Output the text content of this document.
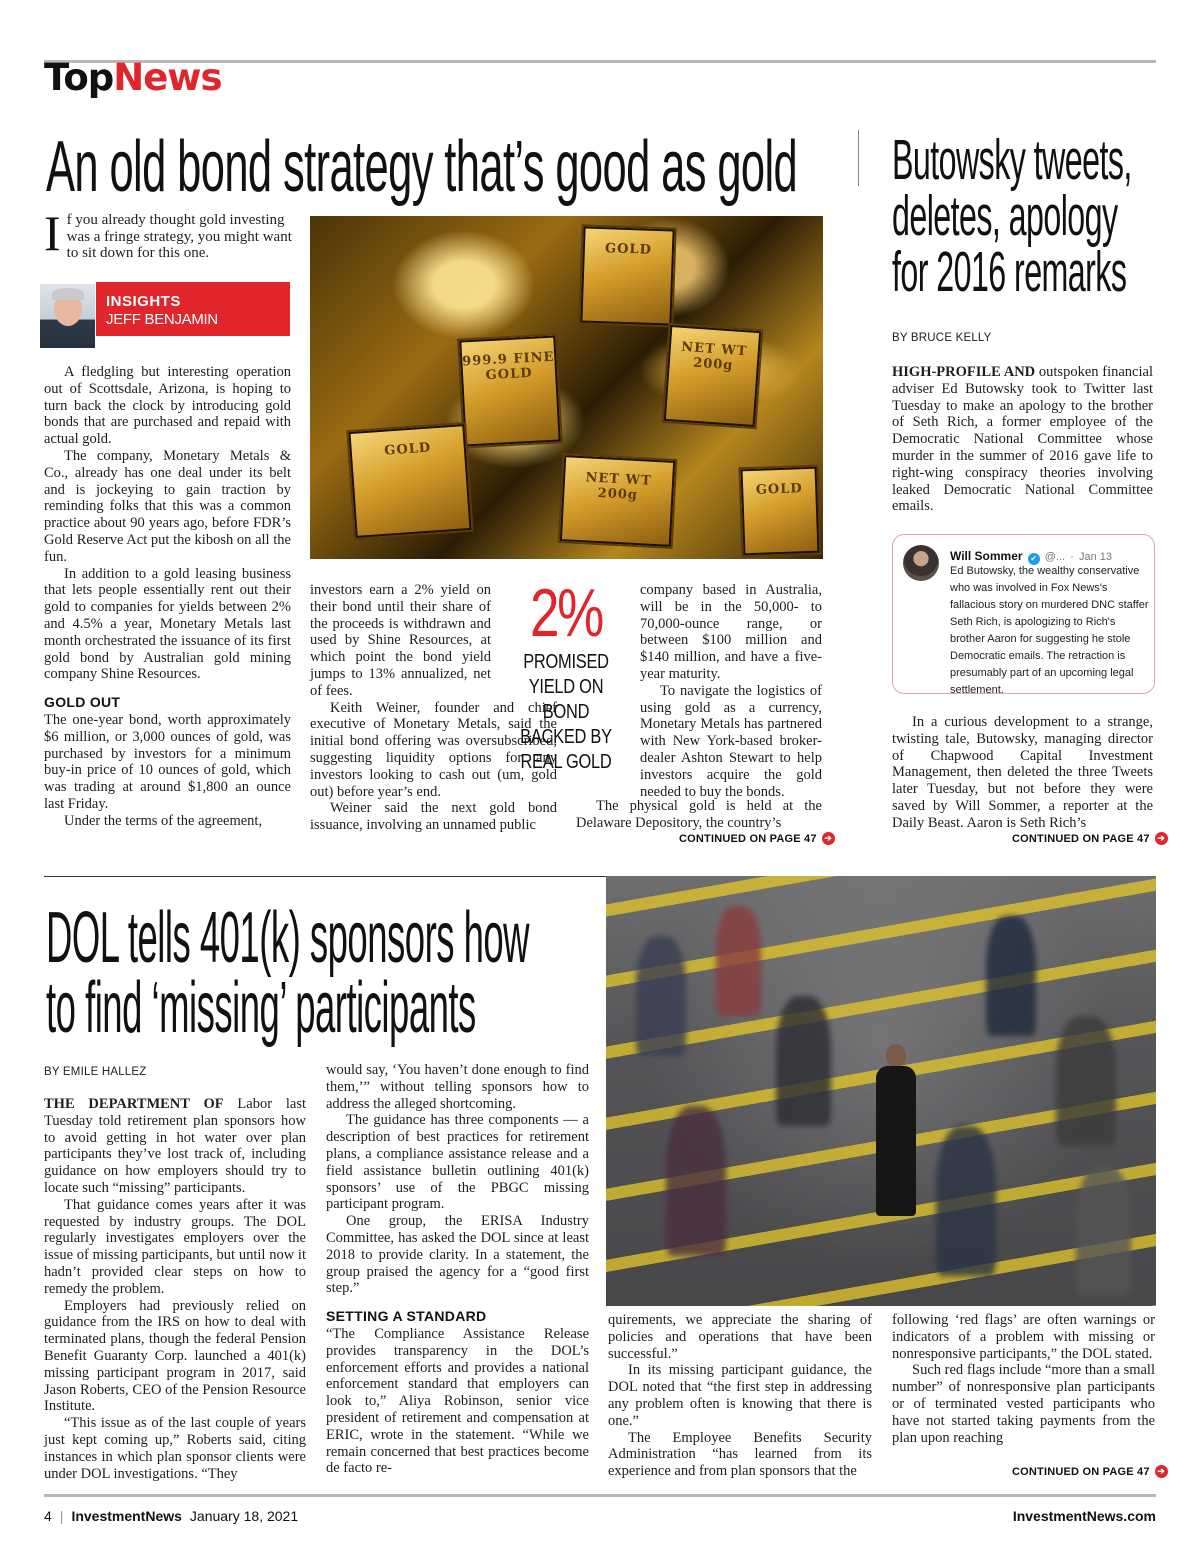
TopNews
An old bond strategy that’s good as gold
I f you already thought gold investing was a fringe strategy, you might want to sit down for this one.
INSIGHTS
JEFF BENJAMIN
GOLD
999.9 FINE GOLD
NET WT 200g
GOLD
NET WT 200g	GOLD

A fledgling but interesting operation out of Scottsdale, Arizona, is hoping to turn back the clock by introducing gold bonds that are purchased and repaid with actual gold.

The company, Monetary Metals & Co., already has one deal under its belt and is jockeying to gain traction by reminding folks that this was a common practice about 90 years ago, before FDR’s Gold Reserve Act put the kibosh on all the fun.

In addition to a gold leasing business that lets people essentially rent out their gold to companies for yields between 2% and 4.5% a year, Monetary Metals last month orchestrated the issuance of its first gold bond by Australian gold mining company Shine Resources.

GOLD OUT

The one-year bond, worth approximately $6 million, or 3,000 ounces of gold, was purchased by investors for a minimum buy-in price of 10 ounces of gold, which was trading at around $1,800 an ounce last Friday.

Under the terms of the agreement,

investors earn a 2% yield on their bond until their share of the proceeds is withdrawn and used by Shine Resources, at which point the bond yield jumps to 13% annualized, net of fees.

Keith Weiner, founder and chief executive of Monetary Metals, said the initial bond offering was oversubscribed, suggesting liquidity options for any investors looking to cash out (um, gold out) before year’s end.

Weiner said the next gold bond issuance, involving an unnamed public

2%
PROMISED YIELD ON BOND BACKED BY REAL GOLD

company based in Australia, will be in the 50,000- to 70,000-ounce range, or between $100 million and $140 million, and have a five-year maturity.

To navigate the logistics of using gold as a currency, Monetary Metals has partnered with New York-based broker-dealer Ashton Stewart to help investors acquire the gold needed to buy the bonds.

The physical gold is held at the Delaware Depository, the country’s

CONTINUED ON PAGE 47 ➔
Butowsky tweets,
deletes, apology
for 2016 remarks
BY BRUCE KELLY

HIGH-PROFILE AND outspoken financial adviser Ed Butowsky took to Twitter last Tuesday to make an apology to the brother of Seth Rich, a former employee of the Democratic National Committee whose murder in the summer of 2016 gave life to right-wing conspiracy theories involving leaked Democratic National Committee emails.

Will Sommer ✔ @... · Jan 13
Ed Butowsky, the wealthy conservative who was involved in Fox News's fallacious story on murdered DNC staffer Seth Rich, is apologizing to Rich's brother Aaron for suggesting he stole Democratic emails. The retraction is presumably part of an upcoming legal settlement.

In a curious development to a strange, twisting tale, Butowsky, managing director of Chapwood Capital Investment Management, then deleted the three Tweets later Tuesday, but not before they were saved by Will Sommer, a reporter at the Daily Beast. Aaron is Seth Rich’s

CONTINUED ON PAGE 47 ➔
DOL tells 401(k) sponsors how
to find ‘missing’ participants
BY EMILE HALLEZ

THE DEPARTMENT OF Labor last Tuesday told retirement plan sponsors how to avoid getting in hot water over plan participants they’ve lost track of, including guidance on how employers should try to locate such “missing” participants.

That guidance comes years after it was requested by industry groups. The DOL regularly investigates employers over the issue of missing participants, but until now it hadn’t provided clear steps on how to remedy the problem.

Employers had previously relied on guidance from the IRS on how to deal with terminated plans, though the federal Pension Benefit Guaranty Corp. launched a 401(k) missing participant program in 2017, said Jason Roberts, CEO of the Pension Resource Institute.

“This issue as of the last couple of years just kept coming up,” Roberts said, citing instances in which plan sponsor clients were under DOL investigations. “They

would say, ‘You haven’t done enough to find them,’” without telling sponsors how to address the alleged shortcoming.

The guidance has three components — a description of best practices for retirement plans, a compliance assistance release and a field assistance bulletin outlining 401(k) sponsors’ use of the PBGC missing participant program.

One group, the ERISA Industry Committee, has asked the DOL since at least 2018 to provide clarity. In a statement, the group praised the agency for a “good first step.”

SETTING A STANDARD

“The Compliance Assistance Release provides transparency in the DOL’s enforcement efforts and provides a national enforcement standard that employers can look to,” Aliya Robinson, senior vice president of retirement and compensation at ERIC, wrote in the statement. “While we remain concerned that best practices become de facto re-

quirements, we appreciate the sharing of policies and operations that have been successful.”

In its missing participant guidance, the DOL noted that “the first step in addressing any problem often is knowing that there is one.”

The Employee Benefits Security Administration “has learned from its experience and from plan sponsors that the

following ‘red flags’ are often warnings or indicators of a problem with missing or nonresponsive participants,” the DOL stated.

Such red flags include “more than a small number” of nonresponsive plan participants or of terminated vested participants who have not started taking payments from the plan upon reaching

CONTINUED ON PAGE 47 ➔
4 | InvestmentNews January 18, 2021	InvestmentNews.com
